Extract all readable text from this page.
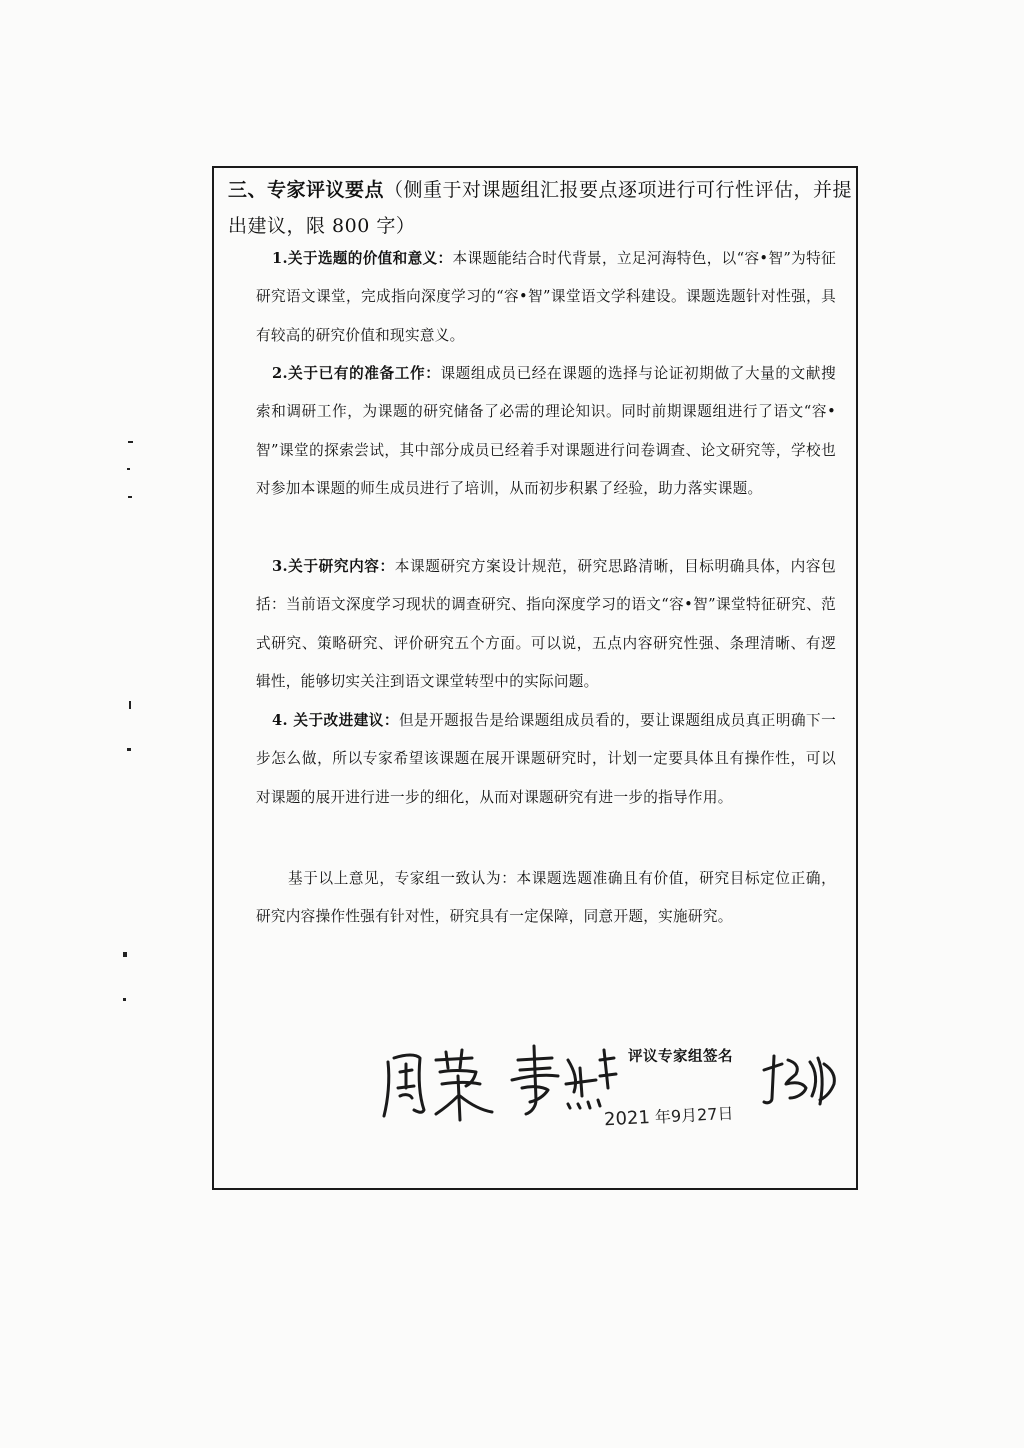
三、专家评议要点（侧重于对课题组汇报要点逐项进行可行性评估，并提出建议，限 800 字）

1.关于选题的价值和意义：本课题能结合时代背景，立足河海特色，以“容•智”为特征研究语文课堂，完成指向深度学习的“容•智”课堂语文学科建设。课题选题针对性强，具有较高的研究价值和现实意义。

2.关于已有的准备工作：课题组成员已经在课题的选择与论证初期做了大量的文献搜索和调研工作，为课题的研究储备了必需的理论知识。同时前期课题组进行了语文“容•智”课堂的探索尝试，其中部分成员已经着手对课题进行问卷调查、论文研究等，学校也对参加本课题的师生成员进行了培训，从而初步积累了经验，助力落实课题。

3.关于研究内容：本课题研究方案设计规范，研究思路清晰，目标明确具体，内容包括：当前语文深度学习现状的调查研究、指向深度学习的语文“容•智”课堂特征研究、范式研究、策略研究、评价研究五个方面。可以说，五点内容研究性强、条理清晰、有逻辑性，能够切实关注到语文课堂转型中的实际问题。

4. 关于改进建议：但是开题报告是给课题组成员看的，要让课题组成员真正明确下一步怎么做，所以专家希望该课题在展开课题研究时，计划一定要具体且有操作性，可以对课题的展开进行进一步的细化，从而对课题研究有进一步的指导作用。

基于以上意见，专家组一致认为：本课题选题准确且有价值，研究目标定位正确，研究内容操作性强有针对性，研究具有一定保障，同意开题，实施研究。

评议专家组签名
2021 年9月27日
